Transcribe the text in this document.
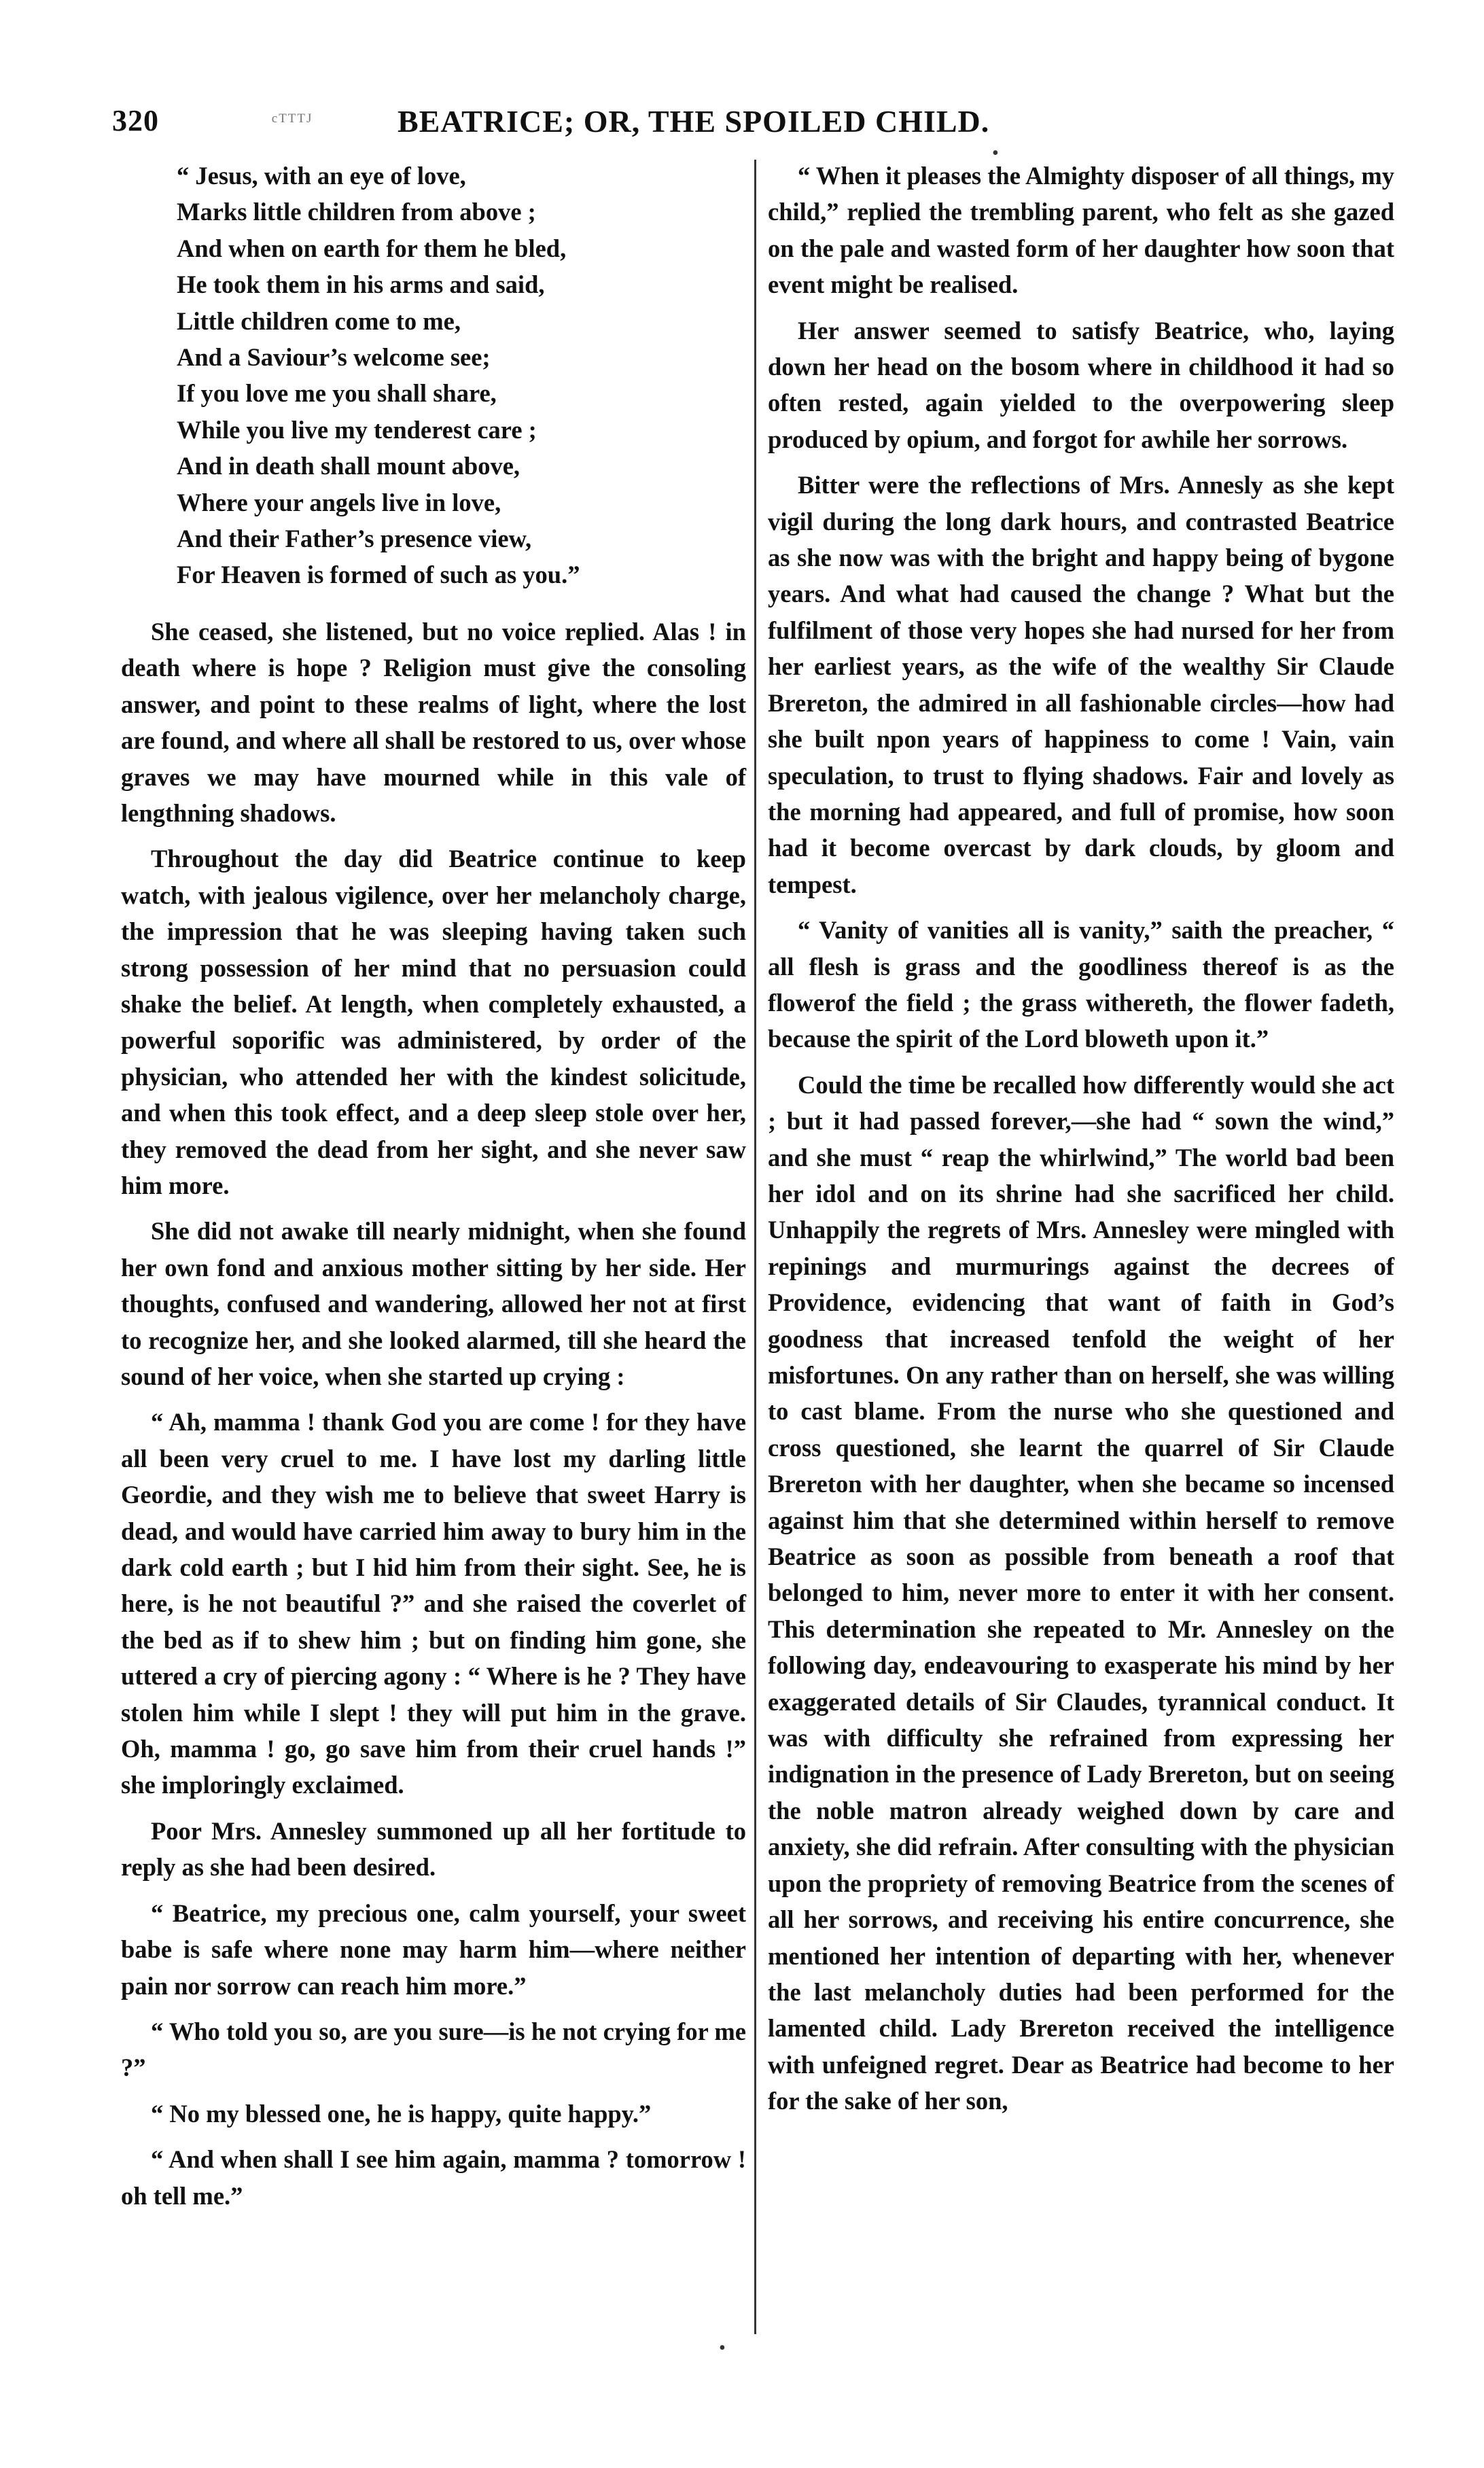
320	ᶜᵀᵀᵀᴶ	BEATRICE; OR, THE SPOILED CHILD.
“ Jesus, with an eye of love,
Marks little children from above ;
And when on earth for them he bled,
He took them in his arms and said,
Little children come to me,
And a Saviour’s welcome see;
If you love me you shall share,
While you live my tenderest care ;
And in death shall mount above,
Where your angels live in love,
And their Father’s presence view,
For Heaven is formed of such as you.”

She ceased, she listened, but no voice replied. Alas ! in death where is hope ? Religion must give the consoling answer, and point to these realms of light, where the lost are found, and where all shall be restored to us, over whose graves we may have mourned while in this vale of lengthning shadows.

Throughout the day did Beatrice continue to keep watch, with jealous vigilence, over her melancholy charge, the impression that he was sleeping having taken such strong possession of her mind that no persuasion could shake the belief. At length, when completely exhausted, a powerful soporific was administered, by order of the physician, who attended her with the kindest solicitude, and when this took effect, and a deep sleep stole over her, they removed the dead from her sight, and she never saw him more.

She did not awake till nearly midnight, when she found her own fond and anxious mother sitting by her side. Her thoughts, confused and wandering, allowed her not at first to recognize her, and she looked alarmed, till she heard the sound of her voice, when she started up crying :

“ Ah, mamma ! thank God you are come ! for they have all been very cruel to me. I have lost my darling little Geordie, and they wish me to believe that sweet Harry is dead, and would have carried him away to bury him in the dark cold earth ; but I hid him from their sight. See, he is here, is he not beautiful ?” and she raised the coverlet of the bed as if to shew him ; but on finding him gone, she uttered a cry of piercing agony : “ Where is he ? They have stolen him while I slept ! they will put him in the grave. Oh, mamma ! go, go save him from their cruel hands !” she imploringly exclaimed.

Poor Mrs. Annesley summoned up all her fortitude to reply as she had been desired.

“ Beatrice, my precious one, calm yourself, your sweet babe is safe where none may harm him—where neither pain nor sorrow can reach him more.”

“ Who told you so, are you sure—is he not crying for me ?”

“ No my blessed one, he is happy, quite happy.”

“ And when shall I see him again, mamma ? tomorrow ! oh tell me.”

“ When it pleases the Almighty disposer of all things, my child,” replied the trembling parent, who felt as she gazed on the pale and wasted form of her daughter how soon that event might be realised.

Her answer seemed to satisfy Beatrice, who, laying down her head on the bosom where in childhood it had so often rested, again yielded to the overpowering sleep produced by opium, and forgot for awhile her sorrows.

Bitter were the reflections of Mrs. Annesly as she kept vigil during the long dark hours, and contrasted Beatrice as she now was with the bright and happy being of bygone years. And what had caused the change ? What but the fulfilment of those very hopes she had nursed for her from her earliest years, as the wife of the wealthy Sir Claude Brereton, the admired in all fashionable circles—how had she built npon years of happiness to come ! Vain, vain speculation, to trust to flying shadows. Fair and lovely as the morning had appeared, and full of promise, how soon had it become overcast by dark clouds, by gloom and tempest.

“ Vanity of vanities all is vanity,” saith the preacher, “ all flesh is grass and the goodliness thereof is as the flowerof the field ; the grass withereth, the flower fadeth, because the spirit of the Lord bloweth upon it.”

Could the time be recalled how differently would she act ; but it had passed forever,—she had “ sown the wind,” and she must “ reap the whirlwind,” The world bad been her idol and on its shrine had she sacrificed her child. Unhappily the regrets of Mrs. Annesley were mingled with repinings and murmurings against the decrees of Providence, evidencing that want of faith in God’s goodness that increased tenfold the weight of her misfortunes. On any rather than on herself, she was willing to cast blame. From the nurse who she questioned and cross questioned, she learnt the quarrel of Sir Claude Brereton with her daughter, when she became so incensed against him that she determined within herself to remove Beatrice as soon as possible from beneath a roof that belonged to him, never more to enter it with her consent. This determination she repeated to Mr. Annesley on the following day, endeavouring to exasperate his mind by her exaggerated details of Sir Claudes, tyrannical conduct. It was with difficulty she refrained from expressing her indignation in the presence of Lady Brereton, but on seeing the noble matron already weighed down by care and anxiety, she did refrain. After consulting with the physician upon the propriety of removing Beatrice from the scenes of all her sorrows, and receiving his entire concurrence, she mentioned her intention of departing with her, whenever the last melancholy duties had been performed for the lamented child. Lady Brereton received the intelligence with unfeigned regret. Dear as Beatrice had become to her for the sake of her son,

•
•
